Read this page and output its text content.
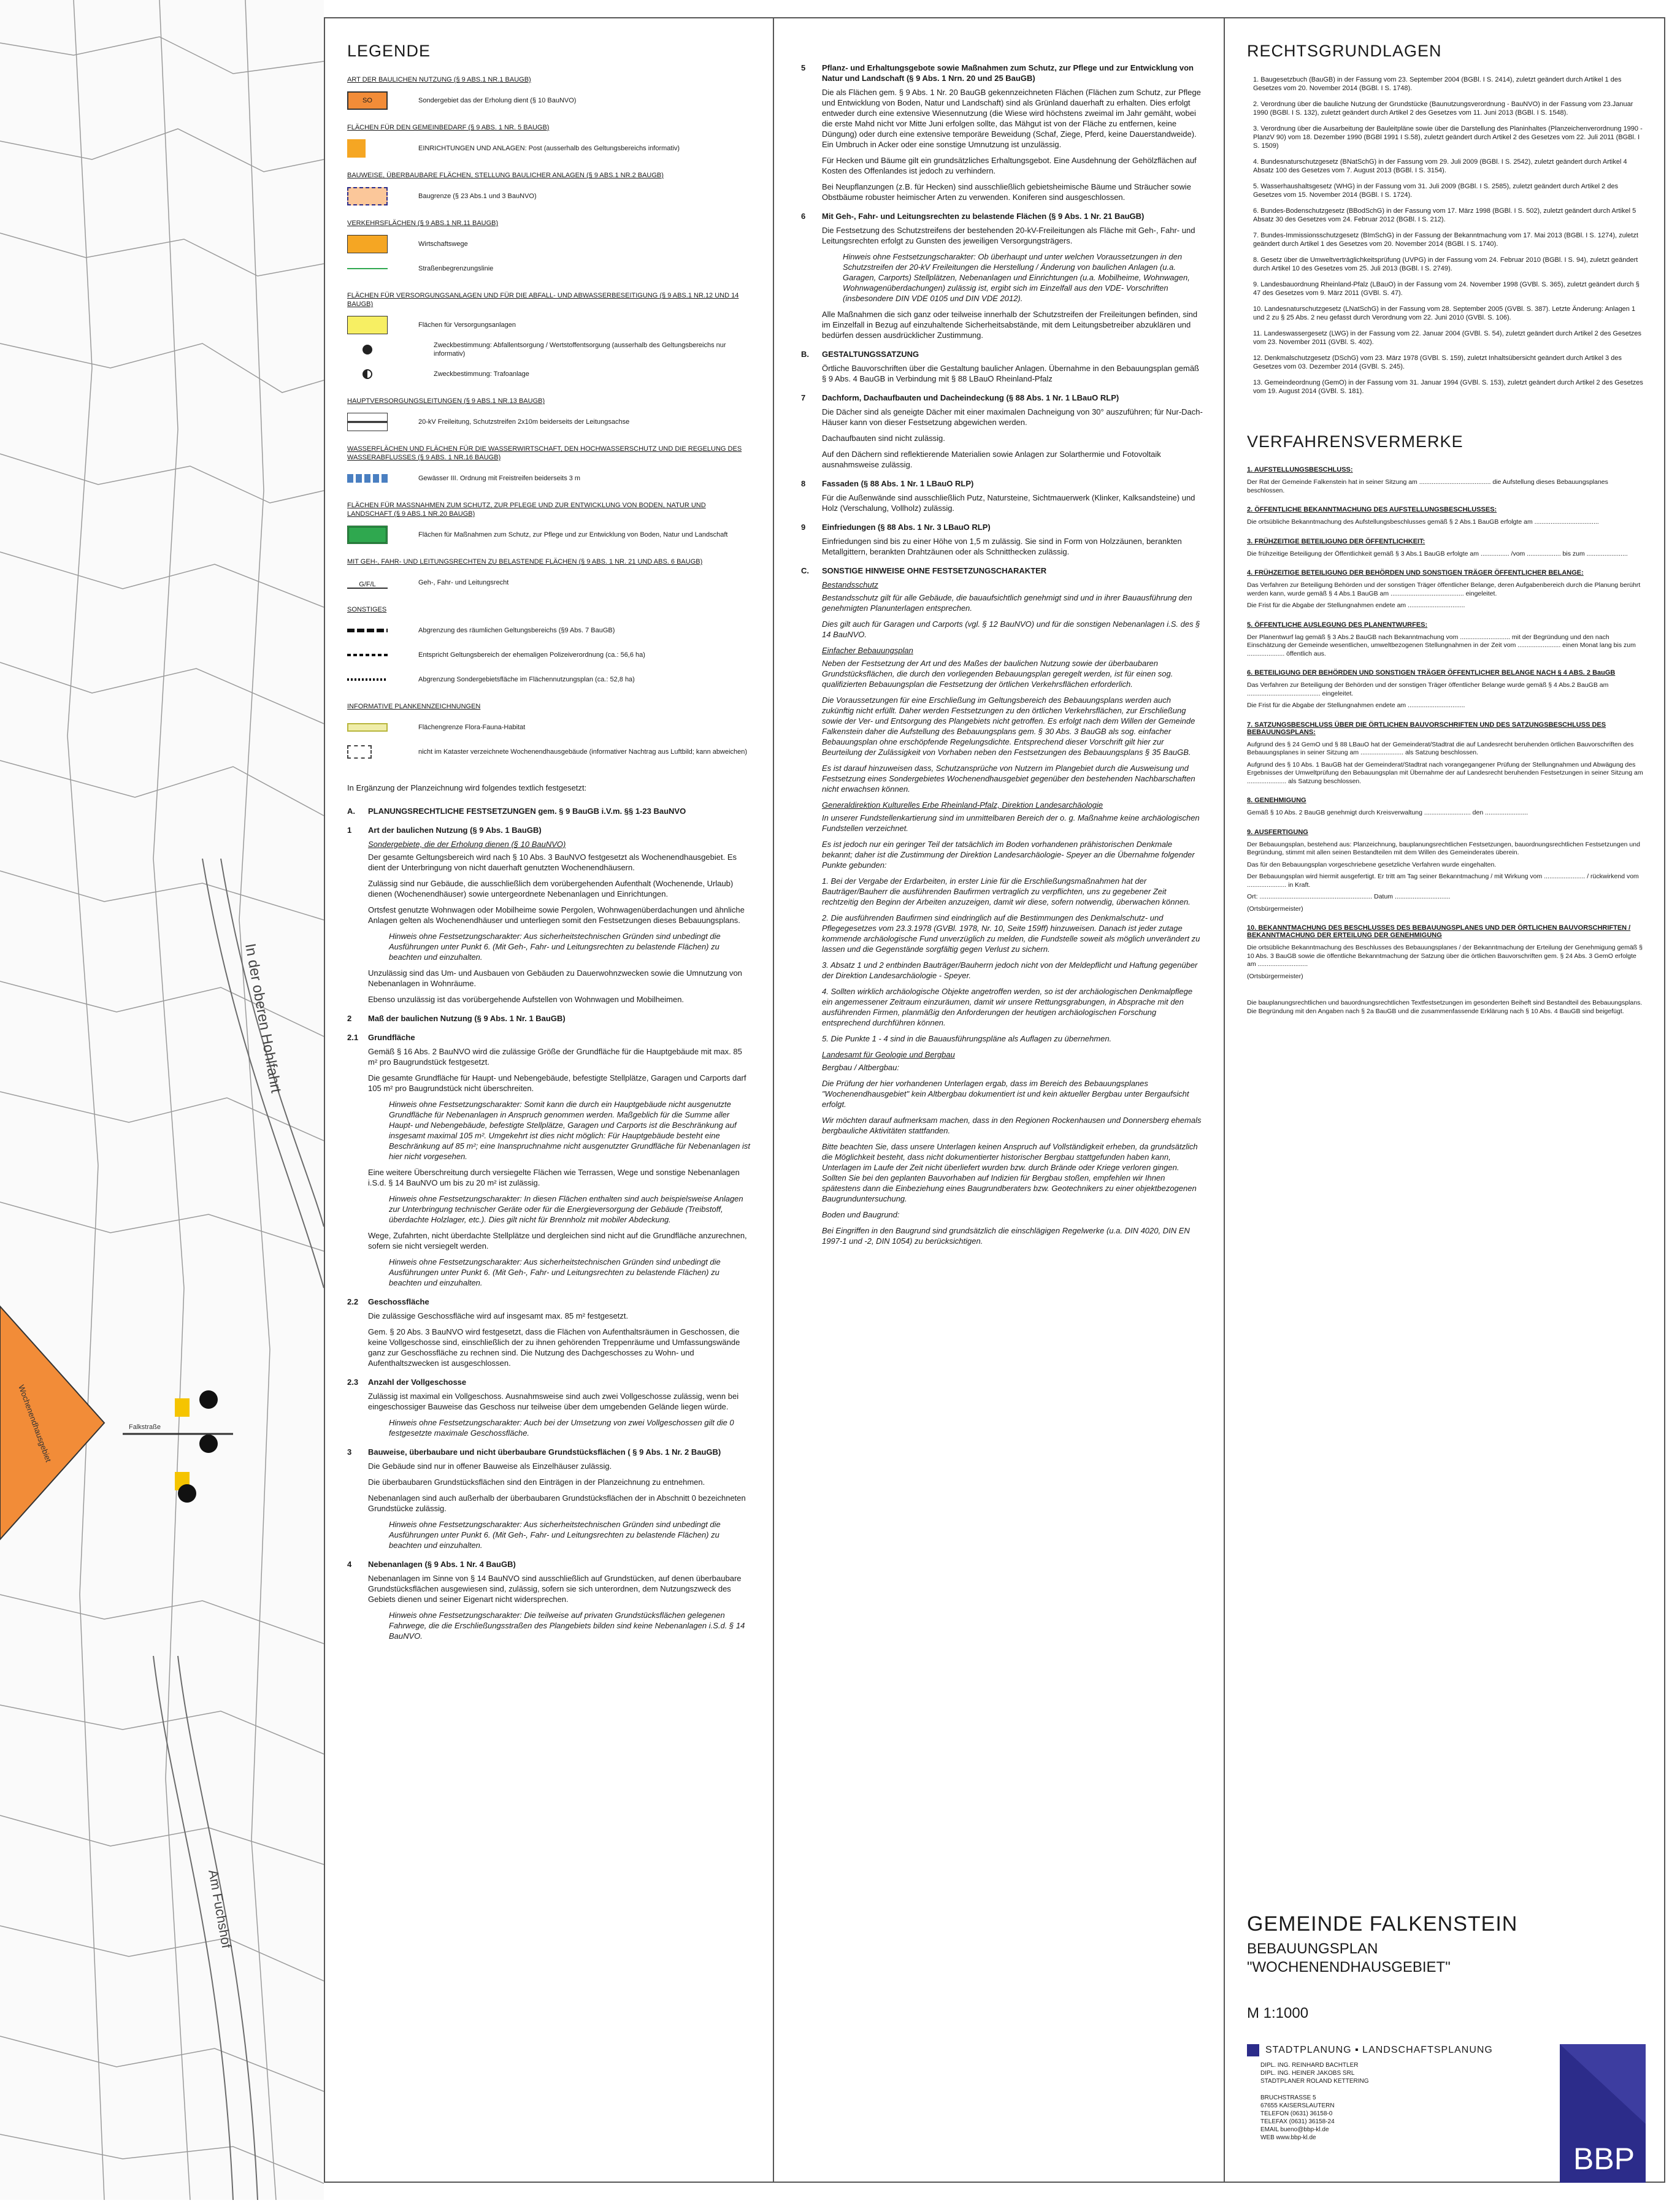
In der oberen Hohlfahrt
Am Fuchshof
Falkstraße
Wochenendhausgebiet
LEGENDE
ART DER BAULICHEN NUTZUNG (§ 9 ABS.1 NR.1 BAUGB)
SO	Sondergebiet das der Erholung dient (§ 10 BauNVO)
FLÄCHEN FÜR DEN GEMEINBEDARF (§ 9 ABS. 1 NR. 5 BAUGB)
EINRICHTUNGEN UND ANLAGEN: Post (ausserhalb des Geltungsbereichs informativ)
BAUWEISE, ÜBERBAUBARE FLÄCHEN, STELLUNG BAULICHER ANLAGEN (§ 9 ABS.1 NR.2 BAUGB)
Baugrenze (§ 23 Abs.1 und 3 BauNVO)
VERKEHRSFLÄCHEN (§ 9 ABS.1 NR.11 BAUGB)
Wirtschaftswege
Straßenbegrenzungslinie
FLÄCHEN FÜR VERSORGUNGSANLAGEN UND FÜR DIE ABFALL- UND ABWASSERBESEITIGUNG (§ 9 ABS.1 NR.12 UND 14 BAUGB)
Flächen für Versorgungsanlagen
Zweckbestimmung: Abfallentsorgung / Wertstoffentsorgung (ausserhalb des Geltungsbereichs nur informativ)
Zweckbestimmung: Trafoanlage
HAUPTVERSORGUNGSLEITUNGEN (§ 9 ABS.1 NR.13 BAUGB)
20-kV Freileitung, Schutzstreifen 2x10m beiderseits der Leitungsachse
WASSERFLÄCHEN UND FLÄCHEN FÜR DIE WASSERWIRTSCHAFT, DEN HOCHWASSERSCHUTZ UND DIE REGELUNG DES WASSERABFLUSSES (§ 9 ABS. 1 NR.16 BAUGB)
Gewässer III. Ordnung mit Freistreifen beiderseits 3 m
FLÄCHEN FÜR MASSNAHMEN ZUM SCHUTZ, ZUR PFLEGE UND ZUR ENTWICKLUNG VON BODEN, NATUR UND LANDSCHAFT (§ 9 ABS.1 NR.20 BAUGB)
Flächen für Maßnahmen zum Schutz, zur Pflege und zur Entwicklung von Boden, Natur und Landschaft
MIT GEH-, FAHR- UND LEITUNGSRECHTEN ZU BELASTENDE FLÄCHEN (§ 9 ABS. 1 NR. 21 UND ABS. 6 BAUGB)
G/F/L	Geh-, Fahr- und Leitungsrecht
SONSTIGES
Abgrenzung des räumlichen Geltungsbereichs (§9 Abs. 7 BauGB)
Entspricht Geltungsbereich der ehemaligen Polizeiverordnung (ca.: 56,6 ha)
Abgrenzung Sondergebietsfläche im Flächennutzungsplan (ca.: 52,8 ha)
INFORMATIVE PLANKENNZEICHNUNGEN
Flächengrenze Flora-Fauna-Habitat
nicht im Kataster verzeichnete Wochenendhausgebäude (informativer Nachtrag aus Luftbild; kann abweichen)
In Ergänzung der Planzeichnung wird folgendes textlich festgesetzt:
A.	PLANUNGSRECHTLICHE FESTSETZUNGEN gem. § 9 BauGB i.V.m. §§ 1-23 BauNVO
1	Art der baulichen Nutzung (§ 9 Abs. 1 BauGB)
Sondergebiete, die der Erholung dienen (§ 10 BauNVO)
Der gesamte Geltungsbereich wird nach § 10 Abs. 3 BauNVO festgesetzt als Wochenendhausgebiet. Es dient der Unterbringung von nicht dauerhaft genutzten Wochenendhäusern.
Zulässig sind nur Gebäude, die ausschließlich dem vorübergehenden Aufenthalt (Wochenende, Urlaub) dienen (Wochenendhäuser) sowie untergeordnete Nebenanlagen und Einrichtungen.
Ortsfest genutzte Wohnwagen oder Mobilheime sowie Pergolen, Wohnwagenüberdachungen und ähnliche Anlagen gelten als Wochenendhäuser und unterliegen somit den Festsetzungen dieses Bebauungsplans.
Hinweis ohne Festsetzungscharakter: Aus sicherheitstechnischen Gründen sind unbedingt die Ausführungen unter Punkt 6. (Mit Geh-, Fahr- und Leitungsrechten zu belastende Flächen) zu beachten und einzuhalten.
Unzulässig sind das Um- und Ausbauen von Gebäuden zu Dauerwohnzwecken sowie die Umnutzung von Nebenanlagen in Wohnräume.
Ebenso unzulässig ist das vorübergehende Aufstellen von Wohnwagen und Mobilheimen.
2	Maß der baulichen Nutzung (§ 9 Abs. 1 Nr. 1 BauGB)
2.1	Grundfläche
Gemäß § 16 Abs. 2 BauNVO wird die zulässige Größe der Grundfläche für die Hauptgebäude mit max. 85 m² pro Baugrundstück festgesetzt.
Die gesamte Grundfläche für Haupt- und Nebengebäude, befestigte Stellplätze, Garagen und Carports darf 105 m² pro Baugrundstück nicht überschreiten.
Hinweis ohne Festsetzungscharakter: Somit kann die durch ein Hauptgebäude nicht ausgenutzte Grundfläche für Nebenanlagen in Anspruch genommen werden. Maßgeblich für die Summe aller Haupt- und Nebengebäude, befestigte Stellplätze, Garagen und Carports ist die Beschränkung auf insgesamt maximal 105 m². Umgekehrt ist dies nicht möglich: Für Hauptgebäude besteht eine Beschränkung auf 85 m²; eine Inanspruchnahme nicht ausgenutzter Grundfläche für Nebenanlagen ist hier nicht vorgesehen.
Eine weitere Überschreitung durch versiegelte Flächen wie Terrassen, Wege und sonstige Nebenanlagen i.S.d. § 14 BauNVO um bis zu 20 m² ist zulässig.
Hinweis ohne Festsetzungscharakter: In diesen Flächen enthalten sind auch beispielsweise Anlagen zur Unterbringung technischer Geräte oder für die Energieversorgung der Gebäude (Treibstoff, überdachte Holzlager, etc.). Dies gilt nicht für Brennholz mit mobiler Abdeckung.
Wege, Zufahrten, nicht überdachte Stellplätze und dergleichen sind nicht auf die Grundfläche anzurechnen, sofern sie nicht versiegelt werden.
Hinweis ohne Festsetzungscharakter: Aus sicherheitstechnischen Gründen sind unbedingt die Ausführungen unter Punkt 6. (Mit Geh-, Fahr- und Leitungsrechten zu belastende Flächen) zu beachten und einzuhalten.
2.2	Geschossfläche
Die zulässige Geschossfläche wird auf insgesamt max. 85 m² festgesetzt.
Gem. § 20 Abs. 3 BauNVO wird festgesetzt, dass die Flächen von Aufenthaltsräumen in Geschossen, die keine Vollgeschosse sind, einschließlich der zu ihnen gehörenden Treppenräume und Umfassungswände ganz zur Geschossfläche zu rechnen sind. Die Nutzung des Dachgeschosses zu Wohn- und Aufenthaltszwecken ist ausgeschlossen.
2.3	Anzahl der Vollgeschosse
Zulässig ist maximal ein Vollgeschoss. Ausnahmsweise sind auch zwei Vollgeschosse zulässig, wenn bei eingeschossiger Bauweise das Geschoss nur teilweise über dem umgebenden Gelände liegen würde.
Hinweis ohne Festsetzungscharakter: Auch bei der Umsetzung von zwei Vollgeschossen gilt die 0 festgesetzte maximale Geschossfläche.
3	Bauweise, überbaubare und nicht überbaubare Grundstücksflächen ( § 9 Abs. 1 Nr. 2 BauGB)
Die Gebäude sind nur in offener Bauweise als Einzelhäuser zulässig.
Die überbaubaren Grundstücksflächen sind den Einträgen in der Planzeichnung zu entnehmen.
Nebenanlagen sind auch außerhalb der überbaubaren Grundstücksflächen der in Abschnitt 0 bezeichneten Grundstücke zulässig.
Hinweis ohne Festsetzungscharakter: Aus sicherheitstechnischen Gründen sind unbedingt die Ausführungen unter Punkt 6. (Mit Geh-, Fahr- und Leitungsrechten zu belastende Flächen) zu beachten und einzuhalten.
4	Nebenanlagen (§ 9 Abs. 1 Nr. 4 BauGB)
Nebenanlagen im Sinne von § 14 BauNVO sind ausschließlich auf Grundstücken, auf denen überbaubare Grundstücksflächen ausgewiesen sind, zulässig, sofern sie sich unterordnen, dem Nutzungszweck des Gebiets dienen und seiner Eigenart nicht widersprechen.
Hinweis ohne Festsetzungscharakter: Die teilweise auf privaten Grundstücksflächen gelegenen Fahrwege, die die Erschließungsstraßen des Plangebiets bilden sind keine Nebenanlagen i.S.d. § 14 BauNVO.
5	Pflanz- und Erhaltungsgebote sowie Maßnahmen zum Schutz, zur Pflege und zur Entwicklung von Natur und Landschaft (§ 9 Abs. 1 Nrn. 20 und 25 BauGB)
Die als Flächen gem. § 9 Abs. 1 Nr. 20 BauGB gekennzeichneten Flächen (Flächen zum Schutz, zur Pflege und Entwicklung von Boden, Natur und Landschaft) sind als Grünland dauerhaft zu erhalten. Dies erfolgt entweder durch eine extensive Wiesennutzung (die Wiese wird höchstens zweimal im Jahr gemäht, wobei die erste Mahd nicht vor Mitte Juni erfolgen sollte, das Mähgut ist von der Fläche zu entfernen, keine Düngung) oder durch eine extensive temporäre Beweidung (Schaf, Ziege, Pferd, keine Dauerstandweide). Ein Umbruch in Acker oder eine sonstige Umnutzung ist unzulässig.
Für Hecken und Bäume gilt ein grundsätzliches Erhaltungsgebot. Eine Ausdehnung der Gehölzflächen auf Kosten des Offenlandes ist jedoch zu verhindern.
Bei Neupflanzungen (z.B. für Hecken) sind ausschließlich gebietsheimische Bäume und Sträucher sowie Obstbäume robuster heimischer Arten zu verwenden. Koniferen sind ausgeschlossen.
6	Mit Geh-, Fahr- und Leitungsrechten zu belastende Flächen (§ 9 Abs. 1 Nr. 21 BauGB)
Die Festsetzung des Schutzstreifens der bestehenden 20-kV-Freileitungen als Fläche mit Geh-, Fahr- und Leitungsrechten erfolgt zu Gunsten des jeweiligen Versorgungsträgers.
Hinweis ohne Festsetzungscharakter: Ob überhaupt und unter welchen Voraussetzungen in den Schutzstreifen der 20-kV Freileitungen die Herstellung / Änderung von baulichen Anlagen (u.a. Garagen, Carports) Stellplätzen, Nebenanlagen und Einrichtungen (u.a. Mobilheime, Wohnwagen, Wohnwagenüberdachungen) zulässig ist, ergibt sich im Einzelfall aus den VDE- Vorschriften (insbesondere DIN VDE 0105 und DIN VDE 2012).
Alle Maßnahmen die sich ganz oder teilweise innerhalb der Schutzstreifen der Freileitungen befinden, sind im Einzelfall in Bezug auf einzuhaltende Sicherheitsabstände, mit dem Leitungsbetreiber abzuklären und bedürfen dessen ausdrücklicher Zustimmung.
B.	GESTALTUNGSSATZUNG
Örtliche Bauvorschriften über die Gestaltung baulicher Anlagen. Übernahme in den Bebauungsplan gemäß § 9 Abs. 4 BauGB in Verbindung mit § 88 LBauO Rheinland-Pfalz
7	Dachform, Dachaufbauten und Dacheindeckung (§ 88 Abs. 1 Nr. 1 LBauO RLP)
Die Dächer sind als geneigte Dächer mit einer maximalen Dachneigung von 30° auszuführen; für Nur-Dach-Häuser kann von dieser Festsetzung abgewichen werden.
Dachaufbauten sind nicht zulässig.
Auf den Dächern sind reflektierende Materialien sowie Anlagen zur Solarthermie und Fotovoltaik ausnahmsweise zulässig.
8	Fassaden (§ 88 Abs. 1 Nr. 1 LBauO RLP)
Für die Außenwände sind ausschließlich Putz, Natursteine, Sichtmauerwerk (Klinker, Kalksandsteine) und Holz (Verschalung, Vollholz) zulässig.
9	Einfriedungen (§ 88 Abs. 1 Nr. 3 LBauO RLP)
Einfriedungen sind bis zu einer Höhe von 1,5 m zulässig. Sie sind in Form von Holzzäunen, berankten Metallgittern, berankten Drahtzäunen oder als Schnitthecken zulässig.
C.	SONSTIGE HINWEISE OHNE FESTSETZUNGSCHARAKTER
Bestandsschutz
Bestandsschutz gilt für alle Gebäude, die bauaufsichtlich genehmigt sind und in ihrer Bauausführung den genehmigten Planunterlagen entsprechen.
Dies gilt auch für Garagen und Carports (vgl. § 12 BauNVO) und für die sonstigen Nebenanlagen i.S. des § 14 BauNVO.
Einfacher Bebauungsplan
Neben der Festsetzung der Art und des Maßes der baulichen Nutzung sowie der überbaubaren Grundstücksflächen, die durch den vorliegenden Bebauungsplan geregelt werden, ist für einen sog. qualifizierten Bebauungsplan die Festsetzung der örtlichen Verkehrsflächen erforderlich.
Die Voraussetzungen für eine Erschließung im Geltungsbereich des Bebauungsplans werden auch zukünftig nicht erfüllt. Daher werden Festsetzungen zu den örtlichen Verkehrsflächen, zur Erschließung sowie der Ver- und Entsorgung des Plangebiets nicht getroffen. Es erfolgt nach dem Willen der Gemeinde Falkenstein daher die Aufstellung des Bebauungsplans gem. § 30 Abs. 3 BauGB als sog. einfacher Bebauungsplan ohne erschöpfende Regelungsdichte. Entsprechend dieser Vorschrift gilt hier zur Beurteilung der Zulässigkeit von Vorhaben neben den Festsetzungen des Bebauungsplans § 35 BauGB.
Es ist darauf hinzuweisen dass, Schutzansprüche von Nutzern im Plangebiet durch die Ausweisung und Festsetzung eines Sondergebietes Wochenendhausgebiet gegenüber den bestehenden Nachbarschaften nicht erwachsen können.
Generaldirektion Kulturelles Erbe Rheinland-Pfalz, Direktion Landesarchäologie
In unserer Fundstellenkartierung sind im unmittelbaren Bereich der o. g. Maßnahme keine archäologischen Fundstellen verzeichnet.
Es ist jedoch nur ein geringer Teil der tatsächlich im Boden vorhandenen prähistorischen Denkmale bekannt; daher ist die Zustimmung der Direktion Landesarchäologie- Speyer an die Übernahme folgender Punkte gebunden:
1. Bei der Vergabe der Erdarbeiten, in erster Linie für die Erschließungsmaßnahmen hat der Bauträger/Bauherr die ausführenden Baufirmen vertraglich zu verpflichten, uns zu gegebener Zeit rechtzeitig den Beginn der Arbeiten anzuzeigen, damit wir diese, sofern notwendig, überwachen können.
2. Die ausführenden Baufirmen sind eindringlich auf die Bestimmungen des Denkmalschutz- und Pflegegesetzes vom 23.3.1978 (GVBl. 1978, Nr. 10, Seite 159ff) hinzuweisen. Danach ist jeder zutage kommende archäologische Fund unverzüglich zu melden, die Fundstelle soweit als möglich unverändert zu lassen und die Gegenstände sorgfältig gegen Verlust zu sichern.
3. Absatz 1 und 2 entbinden Bauträger/Bauherrn jedoch nicht von der Meldepflicht und Haftung gegenüber der Direktion Landesarchäologie - Speyer.
4. Sollten wirklich archäologische Objekte angetroffen werden, so ist der archäologischen Denkmalpflege ein angemessener Zeitraum einzuräumen, damit wir unsere Rettungsgrabungen, in Absprache mit den ausführenden Firmen, planmäßig den Anforderungen der heutigen archäologischen Forschung entsprechend durchführen können.
5. Die Punkte 1 - 4 sind in die Bauausführungspläne als Auflagen zu übernehmen.
Landesamt für Geologie und Bergbau
Bergbau / Altbergbau:
Die Prüfung der hier vorhandenen Unterlagen ergab, dass im Bereich des Bebauungsplanes "Wochenendhausgebiet" kein Altbergbau dokumentiert ist und kein aktueller Bergbau unter Bergaufsicht erfolgt.
Wir möchten darauf aufmerksam machen, dass in den Regionen Rockenhausen und Donnersberg ehemals bergbauliche Aktivitäten stattfanden.
Bitte beachten Sie, dass unsere Unterlagen keinen Anspruch auf Vollständigkeit erheben, da grundsätzlich die Möglichkeit besteht, dass nicht dokumentierter historischer Bergbau stattgefunden haben kann, Unterlagen im Laufe der Zeit nicht überliefert wurden bzw. durch Brände oder Kriege verloren gingen. Sollten Sie bei den geplanten Bauvorhaben auf Indizien für Bergbau stoßen, empfehlen wir Ihnen spätestens dann die Einbeziehung eines Baugrundberaters bzw. Geotechnikers zu einer objektbezogenen Baugrunduntersuchung.
Boden und Baugrund:
Bei Eingriffen in den Baugrund sind grundsätzlich die einschlägigen Regelwerke (u.a. DIN 4020, DIN EN 1997-1 und -2, DIN 1054) zu berücksichtigen.
RECHTSGRUNDLAGEN
1. Baugesetzbuch (BauGB) in der Fassung vom 23. September 2004 (BGBl. I S. 2414), zuletzt geändert durch Artikel 1 des Gesetzes vom 20. November 2014 (BGBl. I S. 1748).
2. Verordnung über die bauliche Nutzung der Grundstücke (Baunutzungsverordnung - BauNVO) in der Fassung vom 23.Januar 1990 (BGBl. I S. 132), zuletzt geändert durch Artikel 2 des Gesetzes vom 11. Juni 2013 (BGBl. I S. 1548).
3. Verordnung über die Ausarbeitung der Bauleitpläne sowie über die Darstellung des Planinhaltes (Planzeichenverordnung 1990 - PlanzV 90) vom 18. Dezember 1990 (BGBl 1991 I S.58), zuletzt geändert durch Artikel 2 des Gesetzes vom 22. Juli 2011 (BGBl. I S. 1509)
4. Bundesnaturschutzgesetz (BNatSchG) in der Fassung vom 29. Juli 2009 (BGBl. I S. 2542), zuletzt geändert durch Artikel 4 Absatz 100 des Gesetzes vom 7. August 2013 (BGBl. I S. 3154).
5. Wasserhaushaltsgesetz (WHG) in der Fassung vom 31. Juli 2009 (BGBl. I S. 2585), zuletzt geändert durch Artikel 2 des Gesetzes vom 15. November 2014 (BGBl. I S. 1724).
6. Bundes-Bodenschutzgesetz (BBodSchG) in der Fassung vom 17. März 1998 (BGBl. I S. 502), zuletzt geändert durch Artikel 5 Absatz 30 des Gesetzes vom 24. Februar 2012 (BGBl. I S. 212).
7. Bundes-Immissionsschutzgesetz (BImSchG) in der Fassung der Bekanntmachung vom 17. Mai 2013 (BGBl. I S. 1274), zuletzt geändert durch Artikel 1 des Gesetzes vom 20. November 2014 (BGBl. I S. 1740).
8. Gesetz über die Umweltverträglichkeitsprüfung (UVPG) in der Fassung vom 24. Februar 2010 (BGBl. I S. 94), zuletzt geändert durch Artikel 10 des Gesetzes vom 25. Juli 2013 (BGBl. I S. 2749).
9. Landesbauordnung Rheinland-Pfalz (LBauO) in der Fassung vom 24. November 1998 (GVBl. S. 365), zuletzt geändert durch § 47 des Gesetzes vom 9. März 2011 (GVBl. S. 47).
10. Landesnaturschutzgesetz (LNatSchG) in der Fassung vom 28. September 2005 (GVBl. S. 387). Letzte Änderung: Anlagen 1 und 2 zu § 25 Abs. 2 neu gefasst durch Verordnung vom 22. Juni 2010 (GVBl. S. 106).
11. Landeswassergesetz (LWG) in der Fassung vom 22. Januar 2004 (GVBl. S. 54), zuletzt geändert durch Artikel 2 des Gesetzes vom 23. November 2011 (GVBl. S. 402).
12. Denkmalschutzgesetz (DSchG) vom 23. März 1978 (GVBl. S. 159), zuletzt Inhaltsübersicht geändert durch Artikel 3 des Gesetzes vom 03. Dezember 2014 (GVBl. S. 245).
13. Gemeindeordnung (GemO) in der Fassung vom 31. Januar 1994 (GVBl. S. 153), zuletzt geändert durch Artikel 2 des Gesetzes vom 19. August 2014 (GVBl. S. 181).
VERFAHRENSVERMERKE
1. AUFSTELLUNGSBESCHLUSS:
Der Rat der Gemeinde Falkenstein hat in seiner Sitzung am ........................................ die Aufstellung dieses Bebauungsplanes beschlossen.
2. ÖFFENTLICHE BEKANNTMACHUNG DES AUFSTELLUNGSBESCHLUSSES:
Die ortsübliche Bekanntmachung des Aufstellungsbeschlusses gemäß § 2 Abs.1 BauGB erfolgte am ....................................
3. FRÜHZEITIGE BETEILIGUNG DER ÖFFENTLICHKEIT:
Die frühzeitige Beteiligung der Öffentlichkeit gemäß § 3 Abs.1 BauGB erfolgte am ................ /vom ................... bis zum .......................
4. FRÜHZEITIGE BETEILIGUNG DER BEHÖRDEN UND SONSTIGEN TRÄGER ÖFFENTLICHER BELANGE:
Das Verfahren zur Beteiligung Behörden und der sonstigen Träger öffentlicher Belange, deren Aufgabenbereich durch die Planung berührt werden kann, wurde gemäß § 4 Abs.1 BauGB am ......................................... eingeleitet.
Die Frist für die Abgabe der Stellungnahmen endete am ................................
5. ÖFFENTLICHE AUSLEGUNG DES PLANENTWURFES:
Der Planentwurf lag gemäß § 3 Abs.2 BauGB nach Bekanntmachung vom ............................ mit der Begründung und den nach Einschätzung der Gemeinde wesentlichen, umweltbezogenen Stellungnahmen in der Zeit vom ........................ einen Monat lang bis zum ..................... öffentlich aus.
6. BETEILIGUNG DER BEHÖRDEN UND SONSTIGEN TRÄGER ÖFFENTLICHER BELANGE NACH § 4 ABS. 2 BauGB
Das Verfahren zur Beteiligung der Behörden und der sonstigen Träger öffentlicher Belange wurde gemäß § 4 Abs.2 BauGB am ......................................... eingeleitet.
Die Frist für die Abgabe der Stellungnahmen endete am ................................
7. SATZUNGSBESCHLUSS ÜBER DIE ÖRTLICHEN BAUVORSCHRIFTEN UND DES SATZUNGSBESCHLUSS DES BEBAUUNGSPLANS:
Aufgrund des § 24 GemO und § 88 LBauO hat der Gemeinderat/Stadtrat die auf Landesrecht beruhenden örtlichen Bauvorschriften des Bebauungsplanes in seiner Sitzung am ........................ als Satzung beschlossen.
Aufgrund des § 10 Abs. 1 BauGB hat der Gemeinderat/Stadtrat nach vorangegangener Prüfung der Stellungnahmen und Abwägung des Ergebnisses der Umweltprüfung den Bebauungsplan mit Übernahme der auf Landesrecht beruhenden Festsetzungen in seiner Sitzung am ...................... als Satzung beschlossen.
8. GENEHMIGUNG
Gemäß § 10 Abs. 2 BauGB genehmigt durch Kreisverwaltung .......................... den ........................
9. AUSFERTIGUNG
Der Bebauungsplan, bestehend aus: Planzeichnung, bauplanungsrechtlichen Festsetzungen, bauordnungsrechtlichen Festsetzungen und Begründung, stimmt mit allen seinen Bestandteilen mit dem Willen des Gemeinderates überein.
Das für den Bebauungsplan vorgeschriebene gesetzliche Verfahren wurde eingehalten.
Der Bebauungsplan wird hiermit ausgefertigt. Er tritt am Tag seiner Bekanntmachung / mit Wirkung vom ....................... / rückwirkend vom ...................... in Kraft.
Ort: ............................................................... Datum ...............................
(Ortsbürgermeister)
10. BEKANNTMACHUNG DES BESCHLUSSES DES BEBAUUNGSPLANES UND DER ÖRTLICHEN BAUVORSCHRIFTEN / BEKANNTMACHUNG DER ERTEILUNG DER GENEHMIGUNG
Die ortsübliche Bekanntmachung des Beschlusses des Bebauungsplanes / der Bekanntmachung der Erteilung der Genehmigung gemäß § 10 Abs. 3 BauGB sowie die öffentliche Bekanntmachung der Satzung über die örtlichen Bauvorschriften gem. § 24 Abs. 3 GemO erfolgte am ............................
(Ortsbürgermeister)
Die bauplanungsrechtlichen und bauordnungsrechtlichen Textfestsetzungen im gesonderten Beiheft sind Bestandteil des Bebauungsplans. Die Begründung mit den Angaben nach § 2a BauGB und die zusammenfassende Erklärung nach § 10 Abs. 4 BauGB sind beigefügt.
GEMEINDE FALKENSTEIN
BEBAUUNGSPLAN
"WOCHENENDHAUSGEBIET"
M 1:1000
STADTPLANUNG ▪ LANDSCHAFTSPLANUNG
DIPL. ING. REINHARD BACHTLER
DIPL. ING. HEINER JAKOBS SRL
STADTPLANER ROLAND KETTERING
BRUCHSTRASSE 5
67655 KAISERSLAUTERN
TELEFON (0631) 36158-0
TELEFAX (0631) 36158-24
EMAIL bueno@bbp-kl.de
WEB www.bbp-kl.de
BBP
